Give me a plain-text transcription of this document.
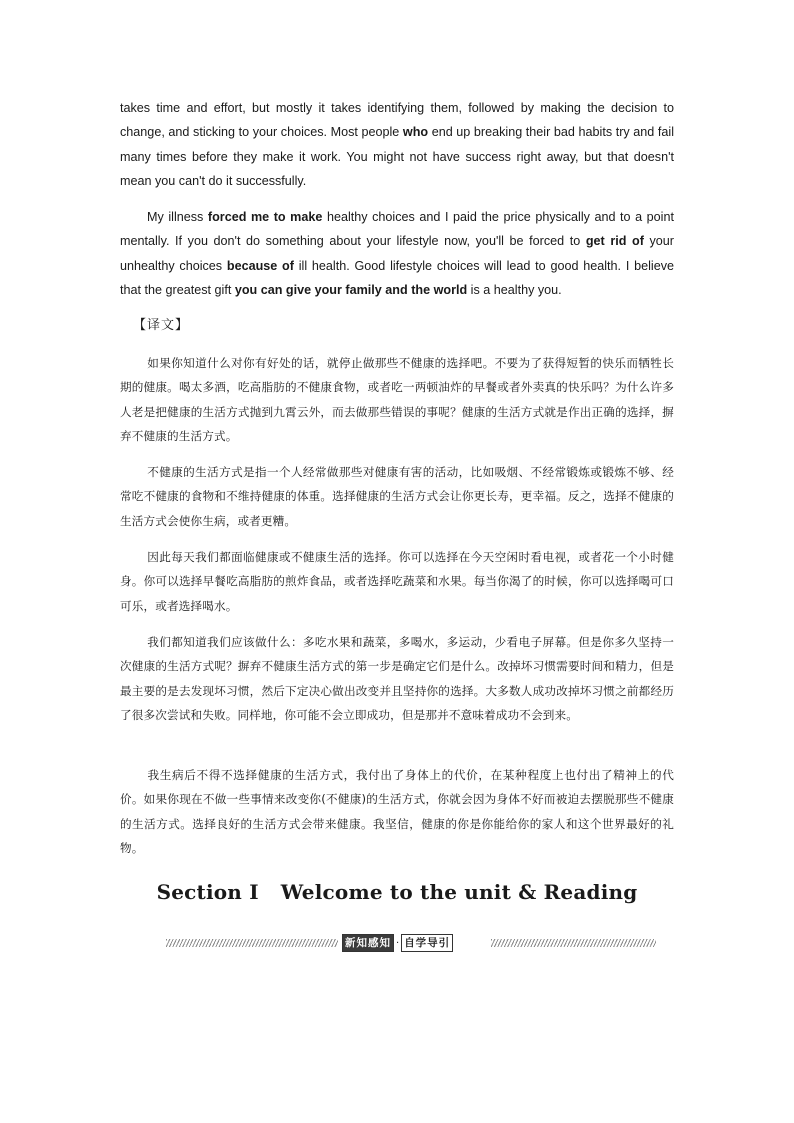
takes time and effort, but mostly it takes identifying them, followed by making the decision to change, and sticking to your choices. Most people who end up breaking their bad habits try and fail many times before they make it work. You might not have success right away, but that doesn't mean you can't do it successfully.

My illness forced me to make healthy choices and I paid the price physically and to a point mentally. If you don't do something about your lifestyle now, you'll be forced to get rid of your unhealthy choices because of ill health. Good lifestyle choices will lead to good health. I believe that the greatest gift you can give your family and the world is a healthy you.

【译文】

如果你知道什么对你有好处的话，就停止做那些不健康的选择吧。不要为了获得短暂的快乐而牺牲长期的健康。喝太多酒，吃高脂肪的不健康食物，或者吃一两顿油炸的早餐或者外卖真的快乐吗？为什么许多人老是把健康的生活方式抛到九霄云外，而去做那些错误的事呢？健康的生活方式就是作出正确的选择，摒弃不健康的生活方式。

不健康的生活方式是指一个人经常做那些对健康有害的活动，比如吸烟、不经常锻炼或锻炼不够、经常吃不健康的食物和不维持健康的体重。选择健康的生活方式会让你更长寿，更幸福。反之，选择不健康的生活方式会使你生病，或者更糟。

因此每天我们都面临健康或不健康生活的选择。你可以选择在今天空闲时看电视，或者花一个小时健身。你可以选择早餐吃高脂肪的煎炸食品，或者选择吃蔬菜和水果。每当你渴了的时候，你可以选择喝可口可乐，或者选择喝水。

我们都知道我们应该做什么：多吃水果和蔬菜，多喝水，多运动，少看电子屏幕。但是你多久坚持一次健康的生活方式呢？摒弃不健康生活方式的第一步是确定它们是什么。改掉坏习惯需要时间和精力，但是最主要的是去发现坏习惯，然后下定决心做出改变并且坚持你的选择。大多数人成功改掉坏习惯之前都经历了很多次尝试和失败。同样地，你可能不会立即成功，但是那并不意味着成功不会到来。

我生病后不得不选择健康的生活方式，我付出了身体上的代价，在某种程度上也付出了精神上的代价。如果你现在不做一些事情来改变你(不健康)的生活方式，你就会因为身体不好而被迫去摆脱那些不健康的生活方式。选择良好的生活方式会带来健康。我坚信，健康的你是你能给你的家人和这个世界最好的礼物。

Section Ⅰ Welcome to the unit & Reading
新知感知 · 自学导引
